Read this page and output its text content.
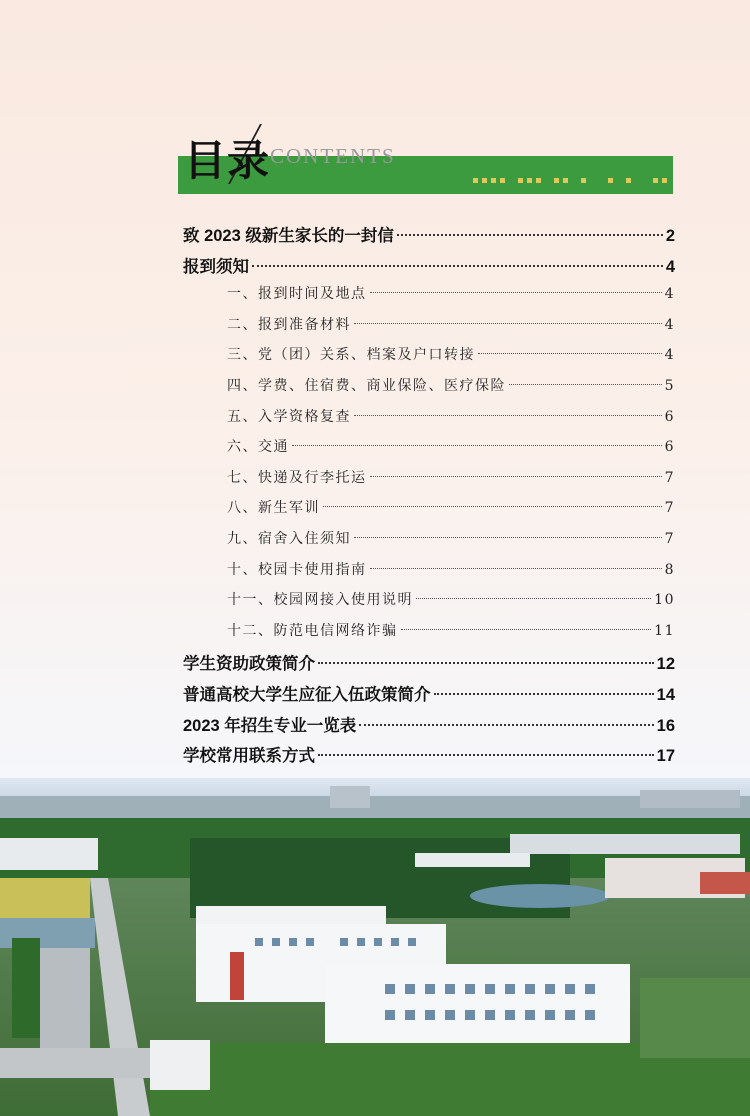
目录 CONTENTS
致 2023 级新生家长的一封信	2
报到须知	4
一、报到时间及地点	4
二、报到准备材料	4
三、党（团）关系、档案及户口转接	4
四、学费、住宿费、商业保险、医疗保险	5
五、入学资格复查	6
六、交通	6
七、快递及行李托运	7
八、新生军训	7
九、宿舍入住须知	7
十、校园卡使用指南	8
十一、校园网接入使用说明	10
十二、防范电信网络诈骗	11
学生资助政策简介	12
普通高校大学生应征入伍政策简介	14
2023 年招生专业一览表	16
学校常用联系方式	17
